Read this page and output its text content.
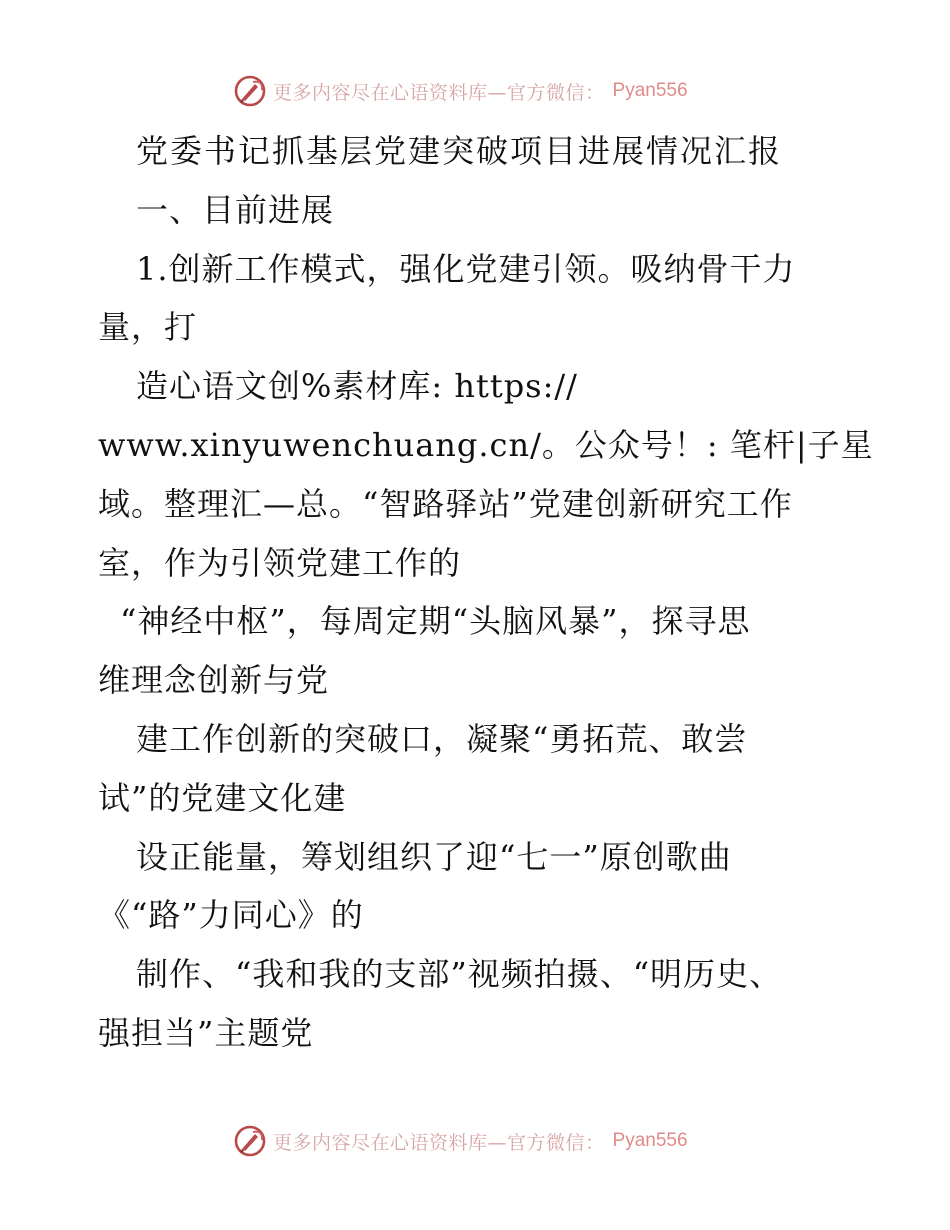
更多内容尽在心语资料库—官方微信： Pyan556
党委书记抓基层党建突破项目进展情况汇报
一、目前进展
1.创新工作模式，强化党建引领。吸纳骨干力
量，打
造心语文创%素材库: https://
www.xinyuwenchuang.cn/。公众号！: 笔杆|子星
域。整理汇—总。“智路驿站”党建创新研究工作
室，作为引领党建工作的
“神经中枢”，每周定期“头脑风暴”，探寻思
维理念创新与党
建工作创新的突破口，凝聚“勇拓荒、敢尝
试”的党建文化建
设正能量，筹划组织了迎“七一”原创歌曲
《“路”力同心》的
制作、“我和我的支部”视频拍摄、“明历史、
强担当”主题党
更多内容尽在心语资料库—官方微信： Pyan556
